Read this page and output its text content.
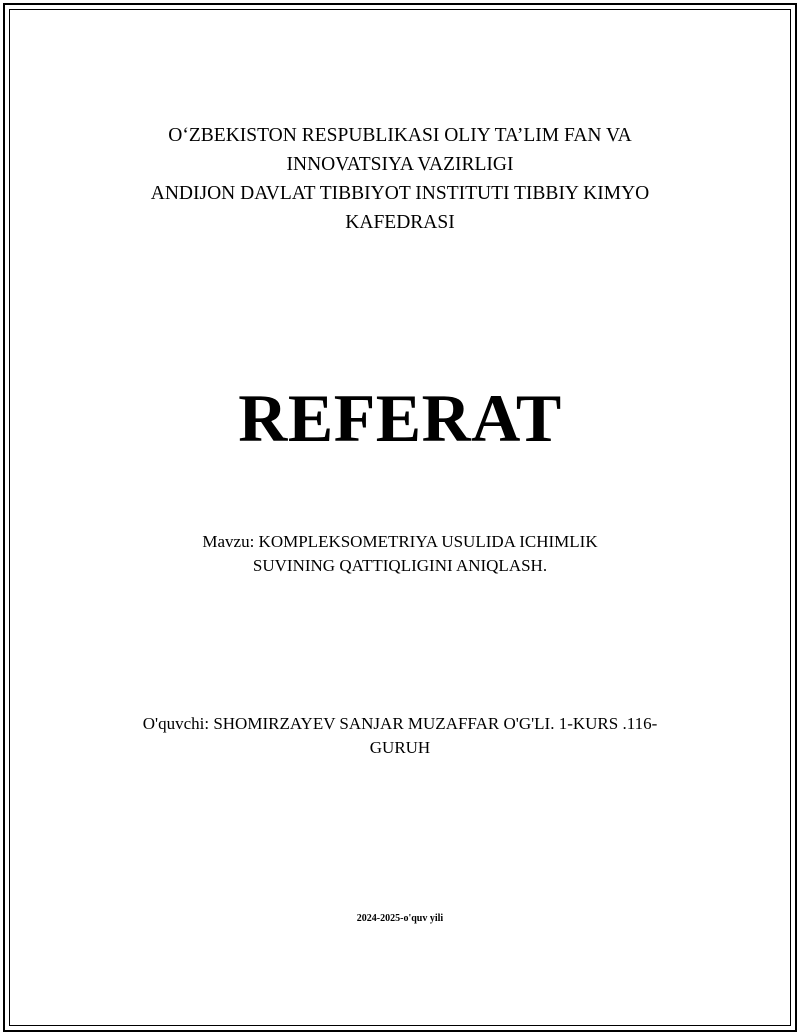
O‘ZBEKISTON RESPUBLIKASI OLIY TA’LIM FAN VA
INNOVATSIYA VAZIRLIGI
ANDIJON DAVLAT TIBBIYOT INSTITUTI TIBBIY KIMYO
KAFEDRASI
REFERAT
Mavzu: KOMPLEKSOMETRIYA USULIDA ICHIMLIK
SUVINING QATTIQLIGINI ANIQLASH.
O'quvchi: SHOMIRZAYEV SANJAR MUZAFFAR O'G'LI. 1-KURS .116-
GURUH
2024-2025-o'quv yili
